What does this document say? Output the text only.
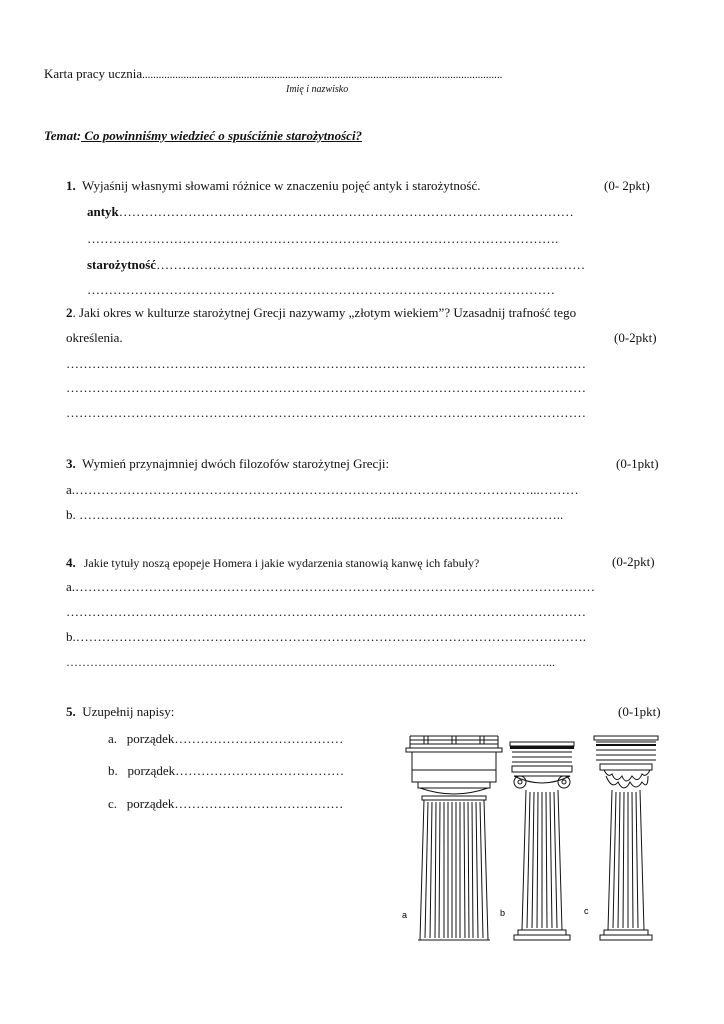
Karta pracy ucznia...................................................................................................................................
Imię i nazwisko
Temat: Co powinniśmy wiedzieć o spuściźnie starożytności?
1. Wyjaśnij własnymi słowami różnice w znaczeniu pojęć antyk i starożytność.	(0- 2pkt)
antyk……………………………………………………………………………………………
……………………………………………………………………………………………….
starożytność………………………………………………………………………………………
………………………………………………………………………………………………
2. Jaki okres w kulturze starożytnej Grecji nazywamy „złotym wiekiem”? Uzasadnij trafność tego
określenia.	(0-2pkt)
…………………………………………………………………………………………………………
…………………………………………………………………………………………………………
…………………………………………………………………………………………………………
3. Wymień przynajmniej dwóch filozofów starożytnej Grecji:	(0-1pkt)
a.……………………………………………………………………………………………...………
b. ………………………………………………………………...………………………………..
4. Jakie tytuły noszą epopeje Homera i jakie wydarzenia stanowią kanwę ich fabuły?	(0-2pkt)
a.…………………………………………………………………………………………………………
…………………………………………………………………………………………………………
b.……………………………………………………………………………………………………….
…………………………………………………………………………………………………………...
5. Uzupełnij napisy:	(0-1pkt)
a. porządek…………………………………
b. porządek…………………………………
c. porządek…………………………………
a	b	c
